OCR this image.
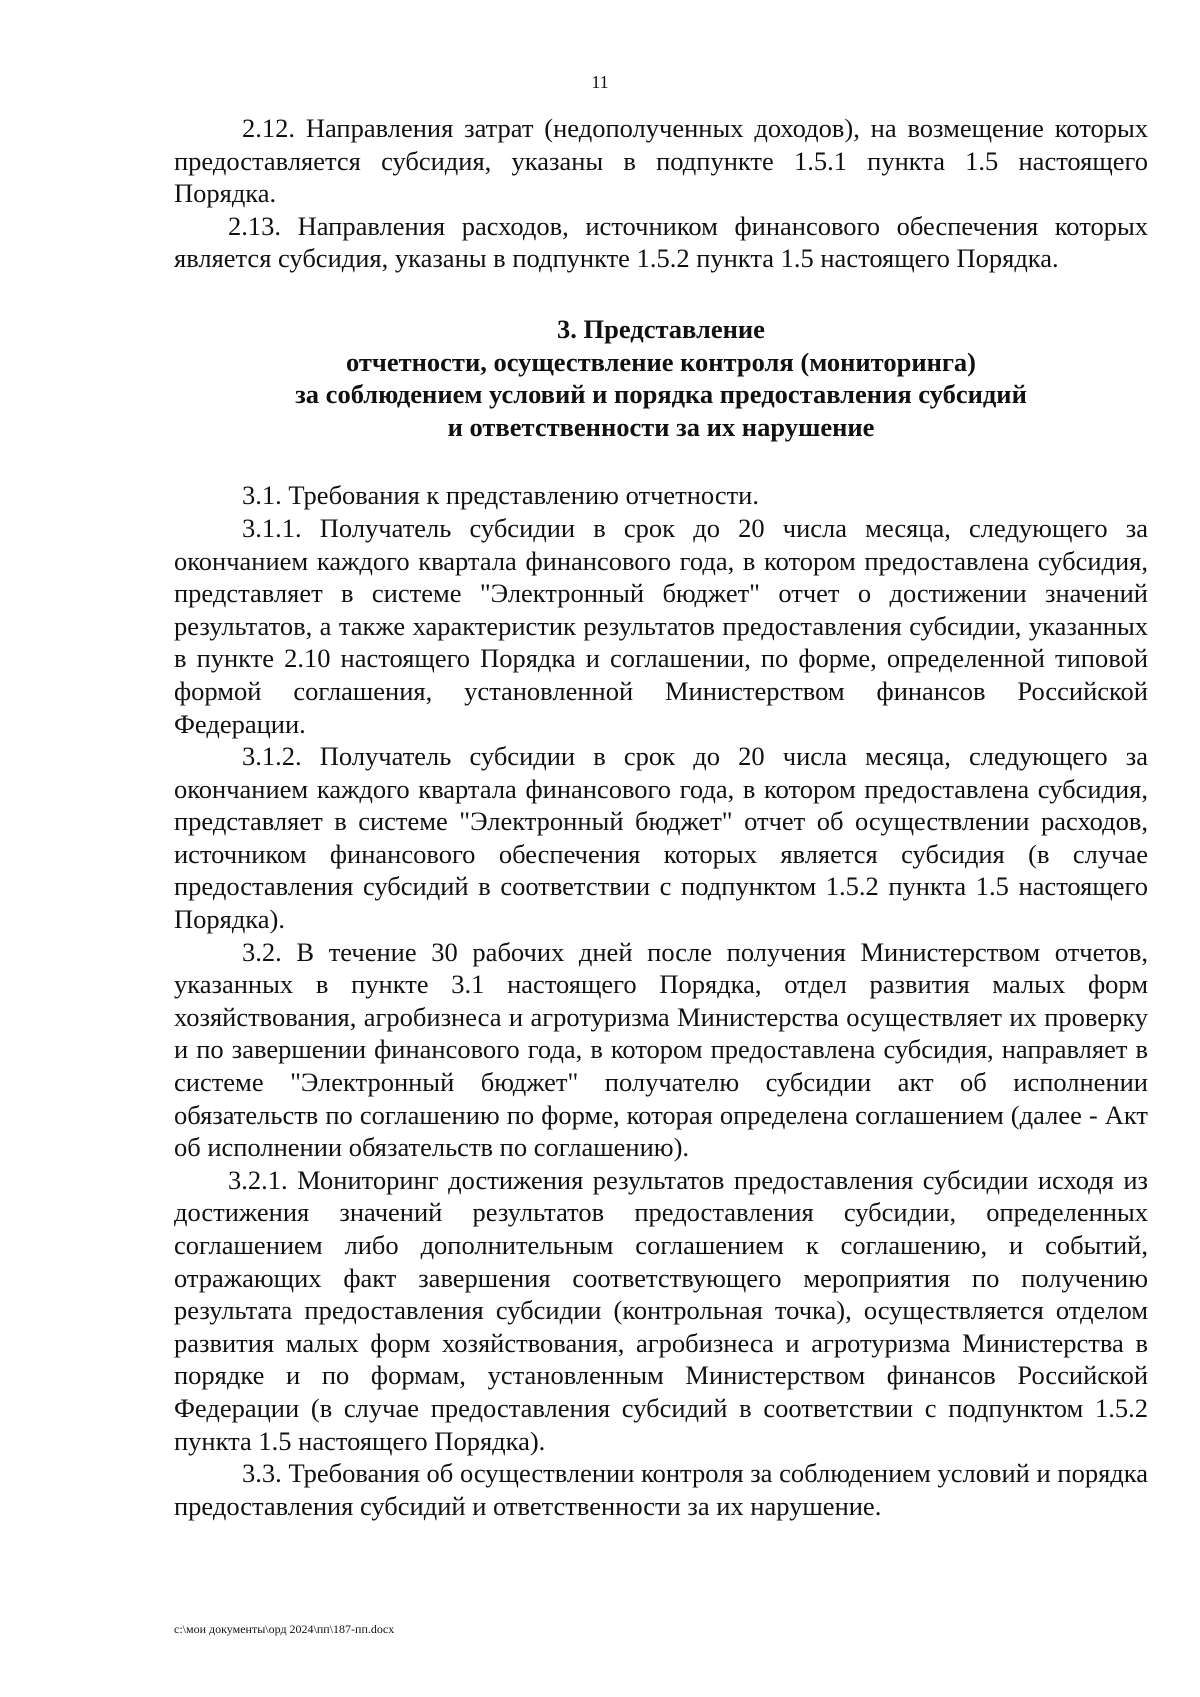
11

2.12. Направления затрат (недополученных доходов), на возмещение которых предоставляется субсидия, указаны в подпункте 1.5.1 пункта 1.5 настоящего Порядка.

2.13. Направления расходов, источником финансового обеспечения которых является субсидия, указаны в подпункте 1.5.2 пункта 1.5 настоящего Порядка.

3. Представление
отчетности, осуществление контроля (мониторинга)
за соблюдением условий и порядка предоставления субсидий
и ответственности за их нарушение

3.1. Требования к представлению отчетности.

3.1.1. Получатель субсидии в срок до 20 числа месяца, следующего за окончанием каждого квартала финансового года, в котором предоставлена субсидия, представляет в системе "Электронный бюджет" отчет о достижении значений результатов, а также характеристик результатов предоставления субсидии, указанных в пункте 2.10 настоящего Порядка и соглашении, по форме, определенной типовой формой соглашения, установленной Министерством финансов Российской Федерации.

3.1.2. Получатель субсидии в срок до 20 числа месяца, следующего за окончанием каждого квартала финансового года, в котором предоставлена субсидия, представляет в системе "Электронный бюджет" отчет об осуществлении расходов, источником финансового обеспечения которых является субсидия (в случае предоставления субсидий в соответствии с подпунктом 1.5.2 пункта 1.5 настоящего Порядка).

3.2. В течение 30 рабочих дней после получения Министерством отчетов, указанных в пункте 3.1 настоящего Порядка, отдел развития малых форм хозяйствования, агробизнеса и агротуризма Министерства осуществляет их проверку и по завершении финансового года, в котором предоставлена субсидия, направляет в системе "Электронный бюджет" получателю субсидии акт об исполнении обязательств по соглашению по форме, которая определена соглашением (далее - Акт об исполнении обязательств по соглашению).

3.2.1. Мониторинг достижения результатов предоставления субсидии исходя из достижения значений результатов предоставления субсидии, определенных соглашением либо дополнительным соглашением к соглашению, и событий, отражающих факт завершения соответствующего мероприятия по получению результата предоставления субсидии (контрольная точка), осуществляется отделом развития малых форм хозяйствования, агробизнеса и агротуризма Министерства в порядке и по формам, установленным Министерством финансов Российской Федерации (в случае предоставления субсидий в соответствии с подпунктом 1.5.2 пункта 1.5 настоящего Порядка).

3.3. Требования об осуществлении контроля за соблюдением условий и порядка предоставления субсидий и ответственности за их нарушение.

c:\мои документы\орд 2024\пп\187-пп.docx
